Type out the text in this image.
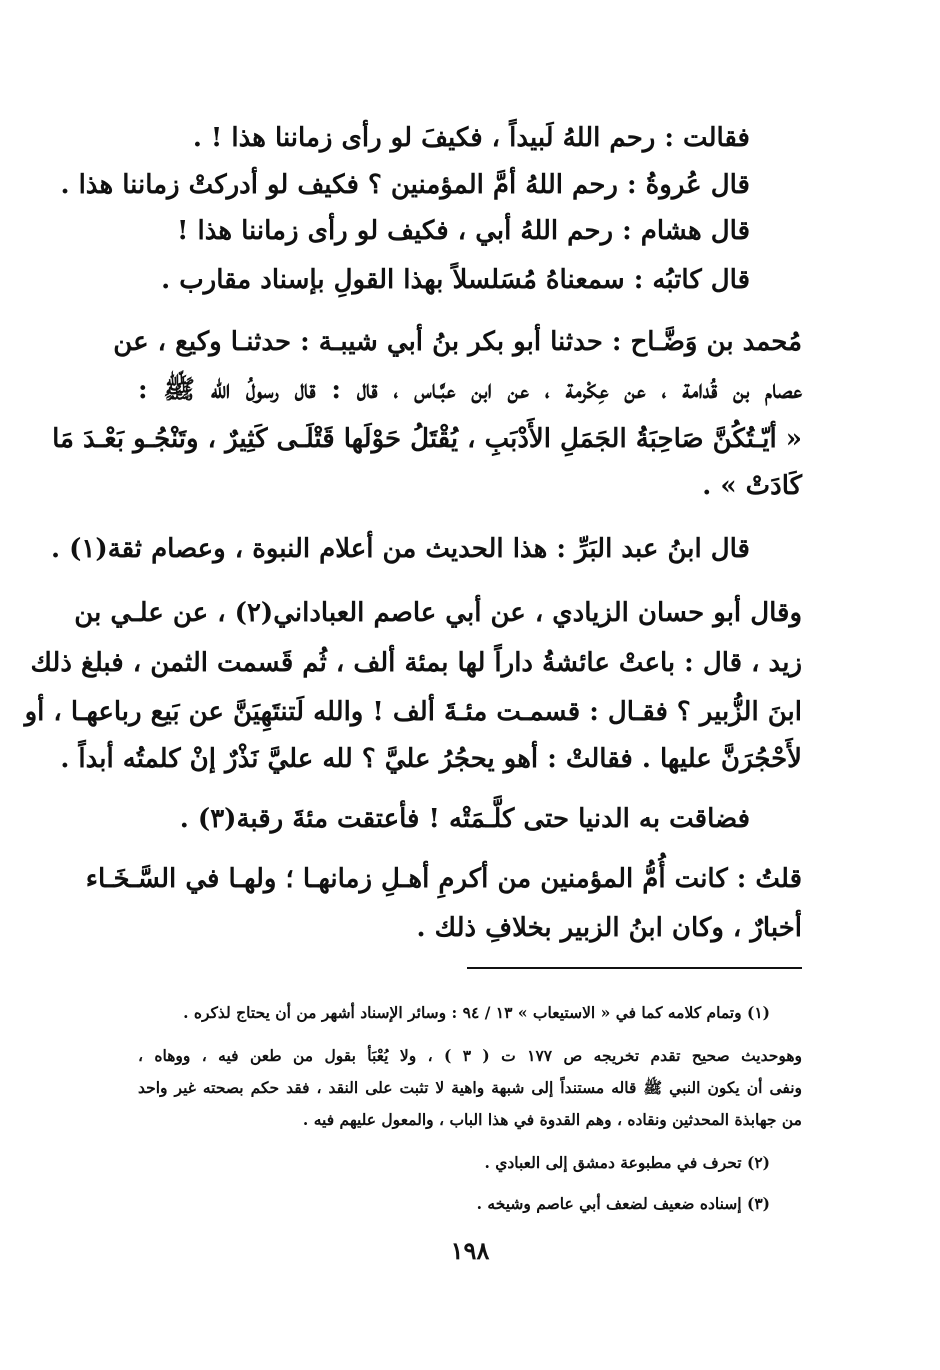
فقالت : رحم اللهُ لَبيداً ، فكيفَ لو رأى زماننا هذا ! .
قال عُروةُ : رحم اللهُ أمَّ المؤمنين ؟ فكيف لو أدركتْ زماننا هذا .
قال هشام : رحم اللهُ أبي ، فكيف لو رأى زماننا هذا !
قال كاتبُه : سمعناهُ مُسَلسلاً بهذا القولِ بإسناد مقارب .
مُحمد بن وَضَّـاح : حدثنا أبو بكر بنُ أبي شيبـة : حدثنـا وكيع ، عن
عصام بن قُدامة ، عن عِكْرمة ، عن ابن عبَّـاس ، قال : قال رسولُ الله ﷺ :
« أيّـتُكُنَّ صَاحِبَةُ الجَمَلِ الأَدْبَبِ ، يُقْتَلُ حَوْلَها قَتْلَـى كَثِيرٌ ، وتَنْجُـو بَعْـدَ مَا
كَادَتْ » .
قال ابنُ عبد البَرِّ : هذا الحديث من أعلام النبوة ، وعصام ثقة(١) .
وقال أبو حسان الزيادي ، عن أبي عاصم العباداني(٢) ، عن علـي بن
زيد ، قال : باعتْ عائشةُ داراً لها بمئة ألف ، ثُم قَسمت الثمن ، فبلغ ذلك
ابنَ الزُّبير ؟ فقـال : قسمـت مئـةَ ألف ! والله لَتنتَهِيَنَّ عن بَيع رباعهـا ، أو
لأَحْجُرَنَّ عليها . فقالتْ : أهو يحجُرُ عليَّ ؟ لله عليَّ نَذْرٌ إنْ كلمتُه أبداً .
فضاقت به الدنيا حتى كلَّـمَتْه ! فأعتقت مئةَ رقبة(٣) .
قلتُ : كانت أُمُّ المؤمنين من أكرمِ أهـلِ زمانهـا ؛ ولهـا في السَّـخَـاء
أخبارٌ ، وكان ابنُ الزبير بخلافِ ذلك .
(١) وتمام كلامه كما في « الاستيعاب » ١٣ / ٩٤ : وسائر الإسناد أشهر من أن يحتاج لذكره .
وهوحديث صحيح تقدم تخريجه ص ١٧٧ ت ( ٣ ) ، ولا يُعْبَأ بقول من طعن فيه ، ووهاه ،
ونفى أن يكون النبي ﷺ قاله مستنداً إلى شبهة واهية لا تثبت على النقد ، فقد حكم بصحته غير واحد
من جهابذة المحدثين ونقاده ، وهم القدوة في هذا الباب ، والمعول عليهم فيه .
(٢) تحرف في مطبوعة دمشق إلى العبادي .
(٣) إسناده ضعيف لضعف أبي عاصم وشيخه .
١٩٨
